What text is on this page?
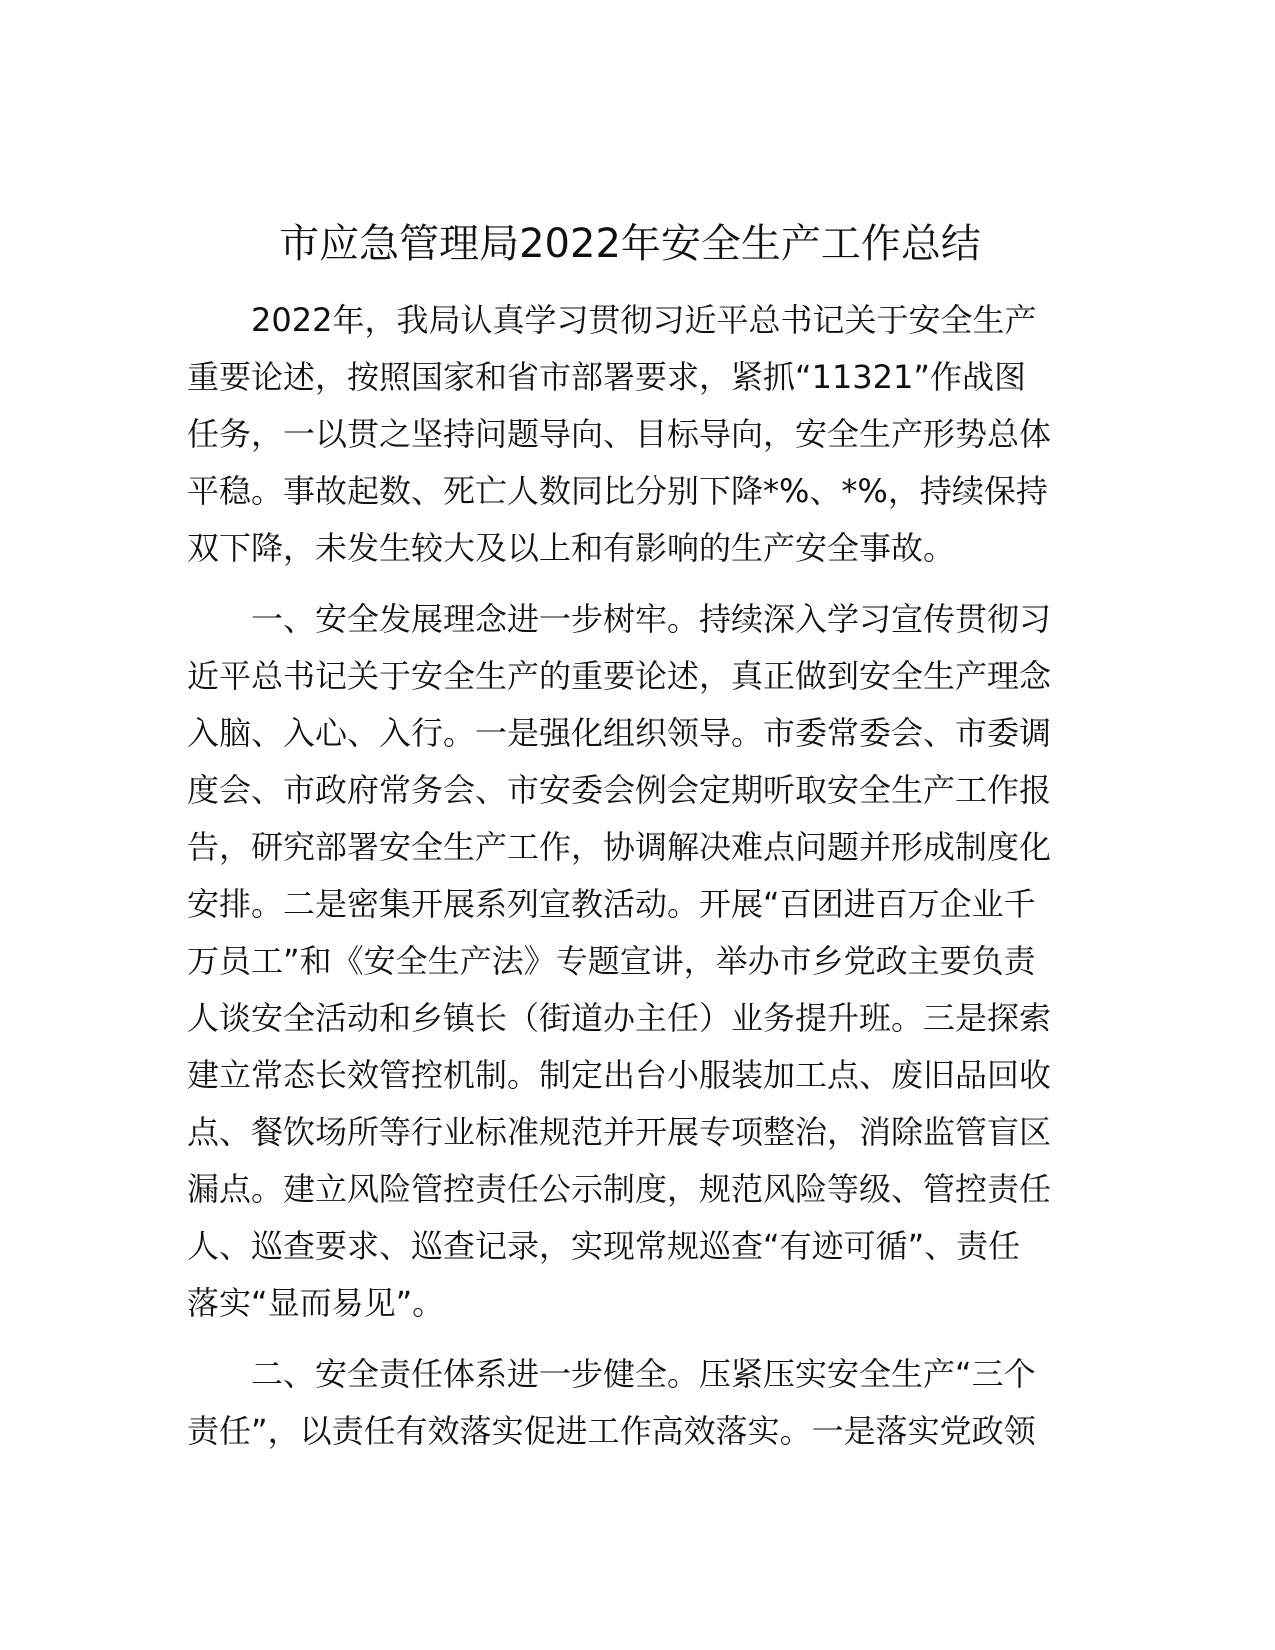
市应急管理局2022年安全生产工作总结

2022年，我局认真学习贯彻习近平总书记关于安全生产
重要论述，按照国家和省市部署要求，紧抓“11321”作战图
任务，一以贯之坚持问题导向、目标导向，安全生产形势总体
平稳。事故起数、死亡人数同比分别下降*%、*%，持续保持
双下降，未发生较大及以上和有影响的生产安全事故。

一、安全发展理念进一步树牢。持续深入学习宣传贯彻习
近平总书记关于安全生产的重要论述，真正做到安全生产理念
入脑、入心、入行。一是强化组织领导。市委常委会、市委调
度会、市政府常务会、市安委会例会定期听取安全生产工作报
告，研究部署安全生产工作，协调解决难点问题并形成制度化
安排。二是密集开展系列宣教活动。开展“百团进百万企业千
万员工”和《安全生产法》专题宣讲，举办市乡党政主要负责
人谈安全活动和乡镇长（街道办主任）业务提升班。三是探索
建立常态长效管控机制。制定出台小服装加工点、废旧品回收
点、餐饮场所等行业标准规范并开展专项整治，消除监管盲区
漏点。建立风险管控责任公示制度，规范风险等级、管控责任
人、巡查要求、巡查记录，实现常规巡查“有迹可循”、责任
落实“显而易见”。

二、安全责任体系进一步健全。压紧压实安全生产“三个
责任”，以责任有效落实促进工作高效落实。一是落实党政领
